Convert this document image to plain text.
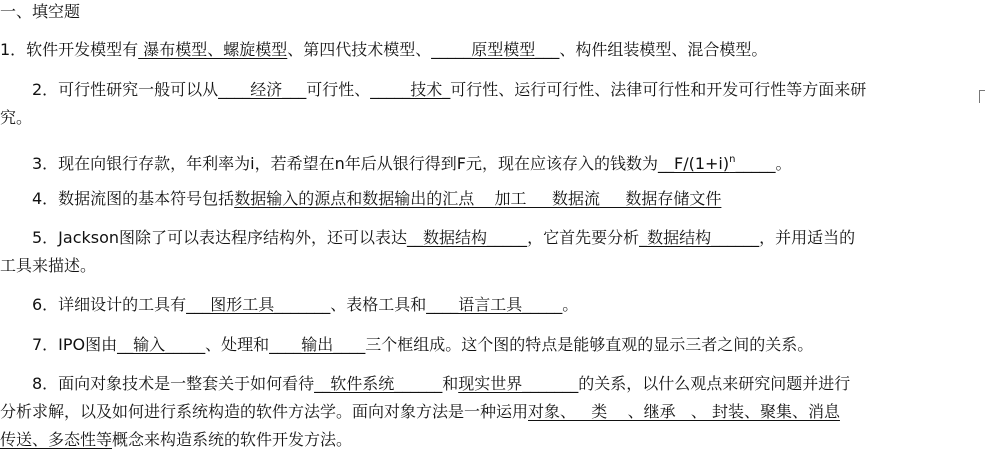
一、填空题
1．软件开发模型有 瀑布模型、螺旋模型、第四代技术模型、_____原型模型___、构件组装模型、混合模型。
2．可行性研究一般可以从____经济___可行性、_____技术_可行性、运行可行性、法律可行性和开发可行性等方面来研
究。
3．现在向银行存款，年利率为i，若希望在n年后从银行得到F元，现在应该存入的钱数为$\_\_F/(1+i)^n\_\_\_\_\_$。
4．数据流图的基本符号包括数据输入的源点和数据输出的汇点    加工     数据流     数据存储文件
5．Jackson图除了可以表达程序结构外，还可以表达__数据结构_____，它首先要分析_数据结构______，并用适当的
工具来描述。
6．详细设计的工具有___图形工具_______、表格工具和____语言工具_____。
7．IPO图由__输入_____、处理和____输出____三个框组成。这个图的特点是能够直观的显示三者之间的关系。
8．面向对象技术是一整套关于如何看待__软件系统______和现实世界_______的关系，以什么观点来研究问题并进行
分析求解，以及如何进行系统构造的软件方法学。面向对象方法是一种运用对象、   类    、继承   、 封装、聚集、消息
传送、多态性等概念来构造系统的软件开发方法。
